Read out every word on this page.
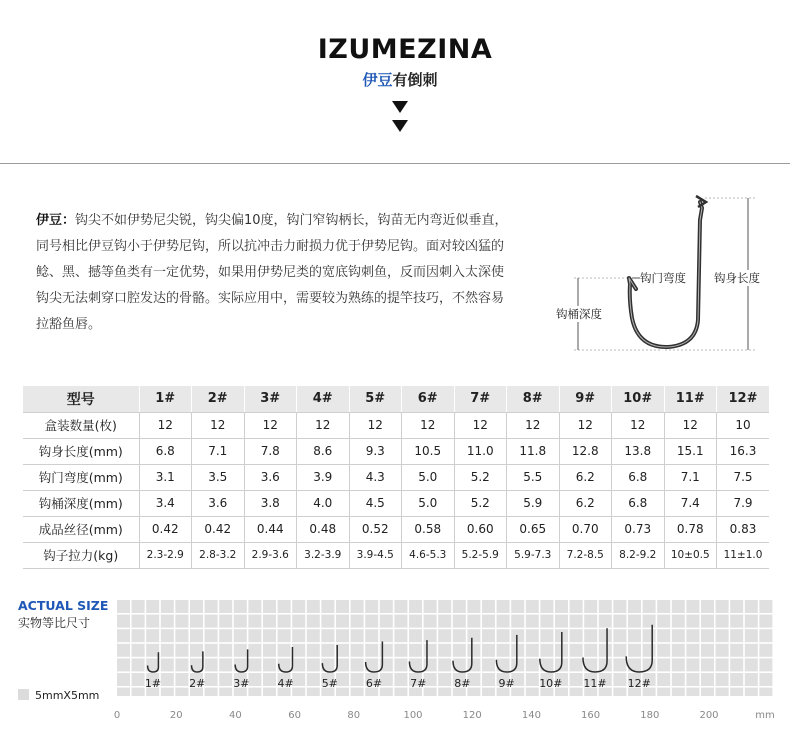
IZUMEZINA
伊豆有倒刺
伊豆：钩尖不如伊势尼尖锐，钩尖偏10度，钩门窄钩柄长，钩苗无内弯近似垂直，同号相比伊豆钩小于伊势尼钩，所以抗冲击力耐损力优于伊势尼钩。面对较凶猛的鲶、黑、撼等鱼类有一定优势，如果用伊势尼类的宽底钩刺鱼，反而因刺入太深使钩尖无法刺穿口腔发达的骨骼。实际应用中，需要较为熟练的提竿技巧，不然容易拉豁鱼唇。
钩门弯度 钩身长度
钩桶深度
型号	1#	2#	3#	4#	5#	6#	7#	8#	9#	10#	11#	12#
盒装数量(枚)	12	12	12	12	12	12	12	12	12	12	12	10
钩身长度(mm)	6.8	7.1	7.8	8.6	9.3	10.5	11.0	11.8	12.8	13.8	15.1	16.3
钩门弯度(mm)	3.1	3.5	3.6	3.9	4.3	5.0	5.2	5.5	6.2	6.8	7.1	7.5
钩桶深度(mm)	3.4	3.6	3.8	4.0	4.5	5.0	5.2	5.9	6.2	6.8	7.4	7.9
成品丝径(mm)	0.42	0.42	0.44	0.48	0.52	0.58	0.60	0.65	0.70	0.73	0.78	0.83
钩子拉力(kg)	2.3-2.9	2.8-3.2	2.9-3.6	3.2-3.9	3.9-4.5	4.6-5.3	5.2-5.9	5.9-7.3	7.2-8.5	8.2-9.2	10±0.5	11±1.0
ACTUAL SIZE
实物等比尺寸
5mmX5mm
1#	2#	3#	4#	5#	6#	7#	8#	9# 10# 11# 12#
0	20	40	60	80	100	120	140	160	180	200	mm
